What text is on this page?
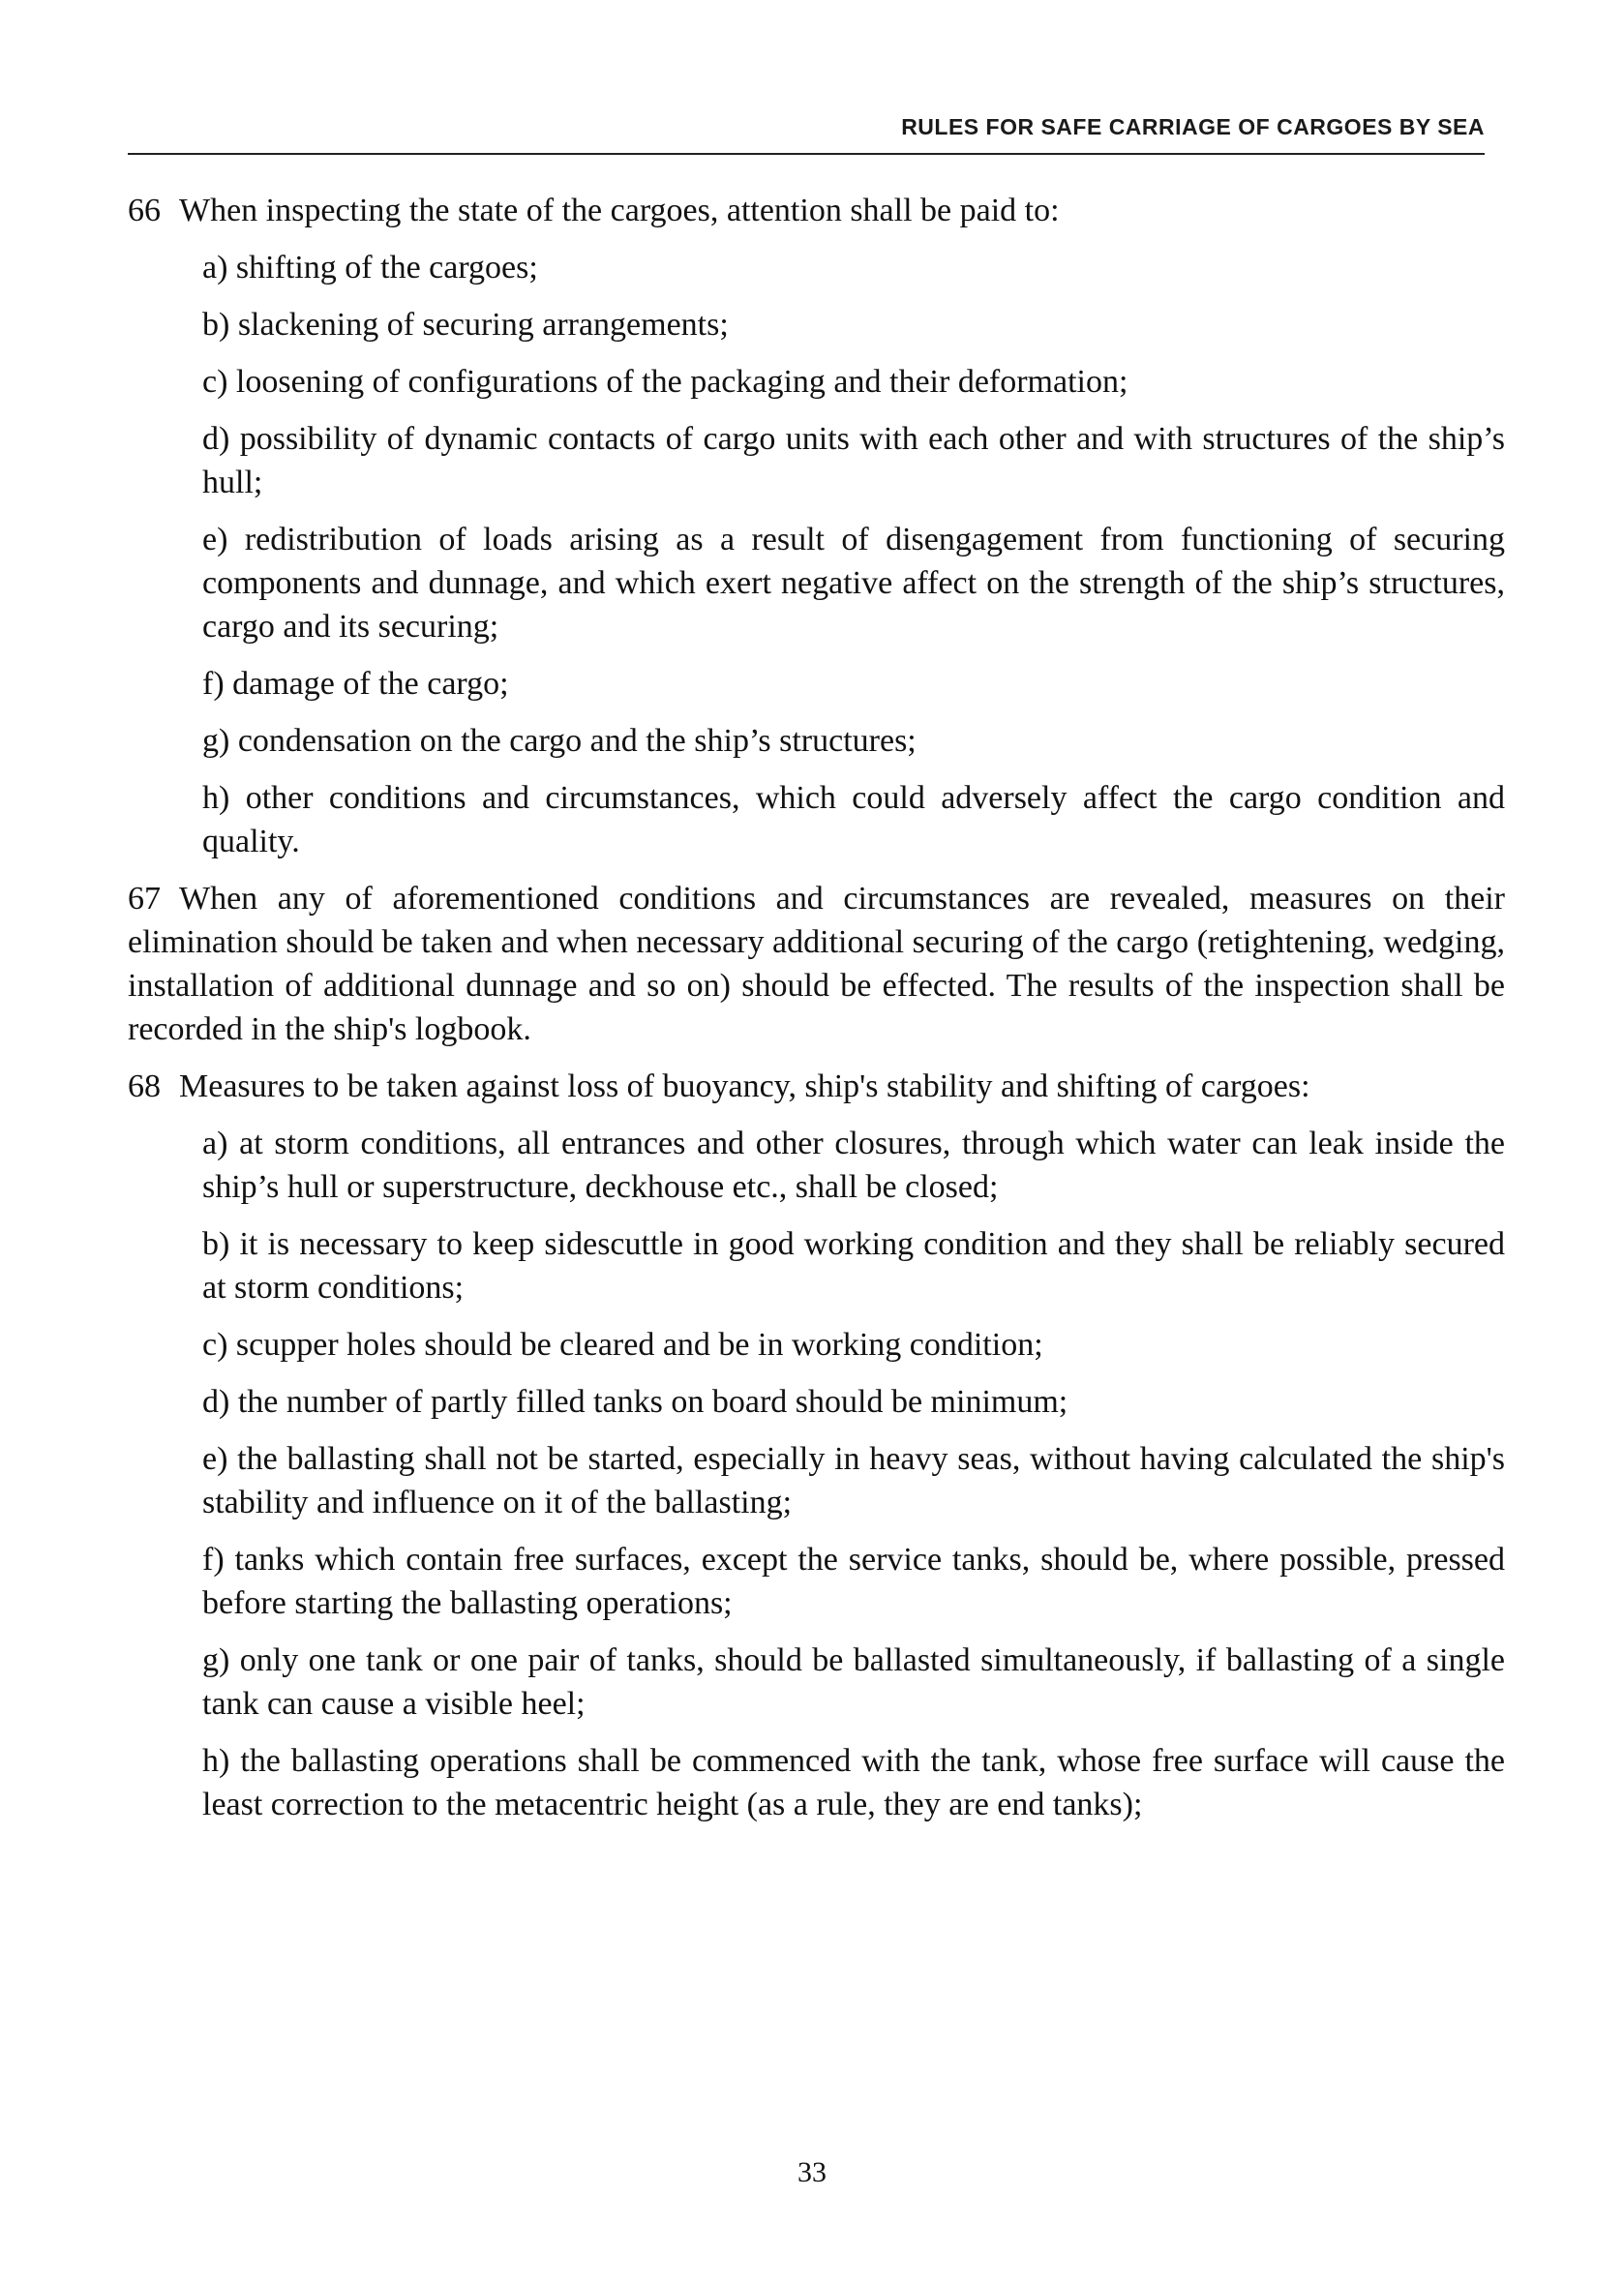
RULES FOR SAFE CARRIAGE OF CARGOES BY SEA
66 When inspecting the state of the cargoes, attention shall be paid to:
a) shifting of the cargoes;
b) slackening of securing arrangements;
c) loosening of configurations of the packaging and their deformation;
d) possibility of dynamic contacts of cargo units with each other and with structures of the ship’s hull;
e) redistribution of loads arising as a result of disengagement from functioning of securing components and dunnage, and which exert negative affect on the strength of the ship’s structures, cargo and its securing;
f) damage of the cargo;
g) condensation on the cargo and the ship’s structures;
h) other conditions and circumstances, which could adversely affect the cargo condition and quality.
67 When any of aforementioned conditions and circumstances are revealed, measures on their elimination should be taken and when necessary additional securing of the cargo (retightening, wedging, installation of additional dunnage and so on) should be effected. The results of the inspection shall be recorded in the ship's logbook.
68 Measures to be taken against loss of buoyancy, ship's stability and shifting of cargoes:
a) at storm conditions, all entrances and other closures, through which water can leak inside the ship’s hull or superstructure, deckhouse etc., shall be closed;
b) it is necessary to keep sidescuttle in good working condition and they shall be reliably secured at storm conditions;
c) scupper holes should be cleared and be in working condition;
d) the number of partly filled tanks on board should be minimum;
e) the ballasting shall not be started, especially in heavy seas, without having calculated the ship's stability and influence on it of the ballasting;
f) tanks which contain free surfaces, except the service tanks, should be, where possible, pressed before starting the ballasting operations;
g) only one tank or one pair of tanks, should be ballasted simultaneously, if ballasting of a single tank can cause a visible heel;
h) the ballasting operations shall be commenced with the tank, whose free surface will cause the least correction to the metacentric height (as a rule, they are end tanks);
33
